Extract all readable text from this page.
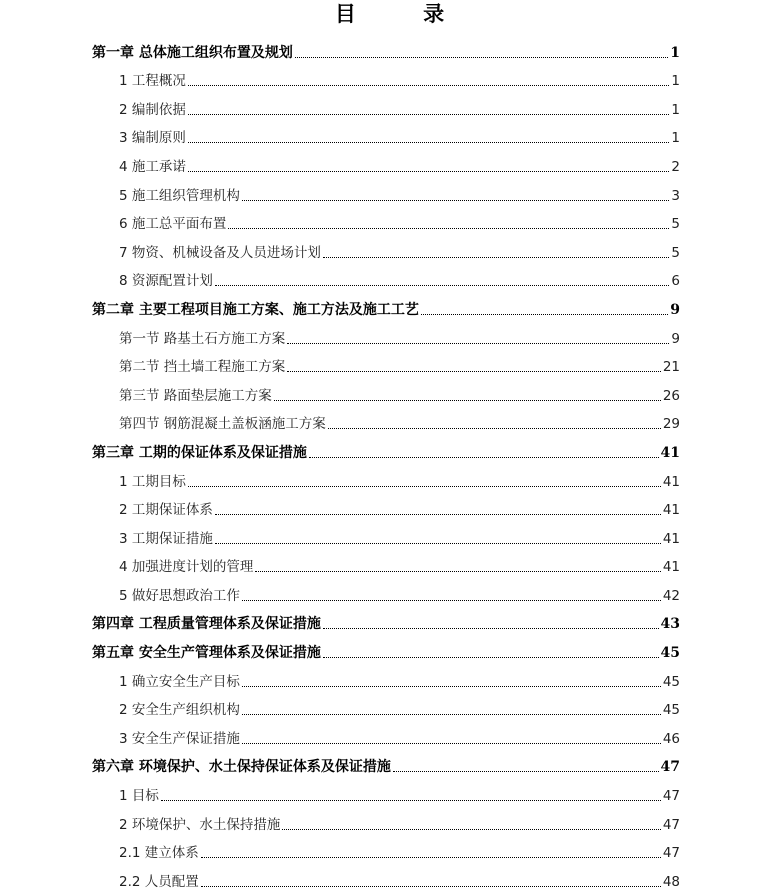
目 录
第一章 总体施工组织布置及规划	1
1 工程概况	1
2 编制依据	1
3 编制原则	1
4 施工承诺	2
5 施工组织管理机构	3
6 施工总平面布置	5
7 物资、机械设备及人员进场计划	5
8 资源配置计划	6
第二章 主要工程项目施工方案、施工方法及施工工艺	9
第一节 路基土石方施工方案	9
第二节 挡土墙工程施工方案	21
第三节 路面垫层施工方案	26
第四节 钢筋混凝土盖板涵施工方案	29
第三章 工期的保证体系及保证措施	41
1 工期目标	41
2 工期保证体系	41
3 工期保证措施	41
4 加强进度计划的管理	41
5 做好思想政治工作	42
第四章 工程质量管理体系及保证措施	43
第五章 安全生产管理体系及保证措施	45
1 确立安全生产目标	45
2 安全生产组织机构	45
3 安全生产保证措施	46
第六章 环境保护、水土保持保证体系及保证措施	47
1 目标	47
2 环境保护、水土保持措施	47
2.1 建立体系	47
2.2 人员配置	48
